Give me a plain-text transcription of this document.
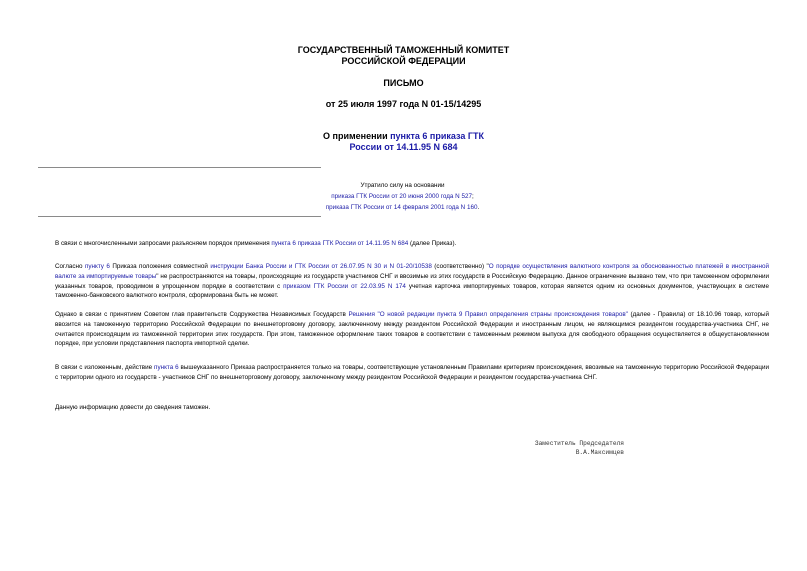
ГОСУДАРСТВЕННЫЙ ТАМОЖЕННЫЙ КОМИТЕТ
РОССИЙСКОЙ ФЕДЕРАЦИИ
ПИСЬМО
от 25 июля 1997 года N 01-15/14295
О применении пункта 6 приказа ГТК
России от 14.11.95 N 684
Утратило силу на основании
приказа ГТК России от 20 июня 2000 года N 527;
приказа ГТК России от 14 февраля 2001 года N 160.
В связи с многочисленными запросами разъясняем порядок применения пункта 6 приказа ГТК России от 14.11.95 N 684 (далее Приказ).
Согласно пункту 6 Приказа положения совместной инструкции Банка России и ГТК России от 26.07.95 N 30 и N 01-20/10538 (соответственно) "О порядке осуществления валютного контроля за обоснованностью платежей в иностранной валюте за импортируемые товары" не распространяются на товары, происходящие из государств участников СНГ и ввозимые из этих государств в Российскую Федерацию. Данное ограничение вызвано тем, что при таможенном оформлении указанных товаров, проводимом в упрощенном порядке в соответствии с приказом ГТК России от 22.03.95 N 174 учетная карточка импортируемых товаров, которая является одним из основных документов, участвующих в системе таможенно-банковского валютного контроля, сформирована быть не может.
Однако в связи с принятием Советом глав правительств Содружества Независимых Государств Решения "О новой редакции пункта 9 Правил определения страны происхождения товаров" (далее - Правила) от 18.10.96 товар, который ввозится на таможенную территорию Российской Федерации по внешнеторговому договору, заключенному между резидентом Российской Федерации и иностранным лицом, не являющимся резидентом государства-участника СНГ, не считается происходящим из таможенной территории этих государств. При этом, таможенное оформление таких товаров в соответствии с таможенным режимом выпуска для свободного обращения осуществляется в общеустановленном порядке, при условии представления паспорта импортной сделки.
В связи с изложенным, действие пункта 6 вышеуказанного Приказа распространяется только на товары, соответствующие установленным Правилами критериям происхождения, ввозимые на таможенную территорию Российской Федерации с территории одного из государств - участников СНГ по внешнеторговому договору, заключенному между резидентом Российской Федерации и резидентом государства-участника СНГ.
Данную информацию довести до сведения таможен.
Заместитель Председателя
В.А.Максимцев
